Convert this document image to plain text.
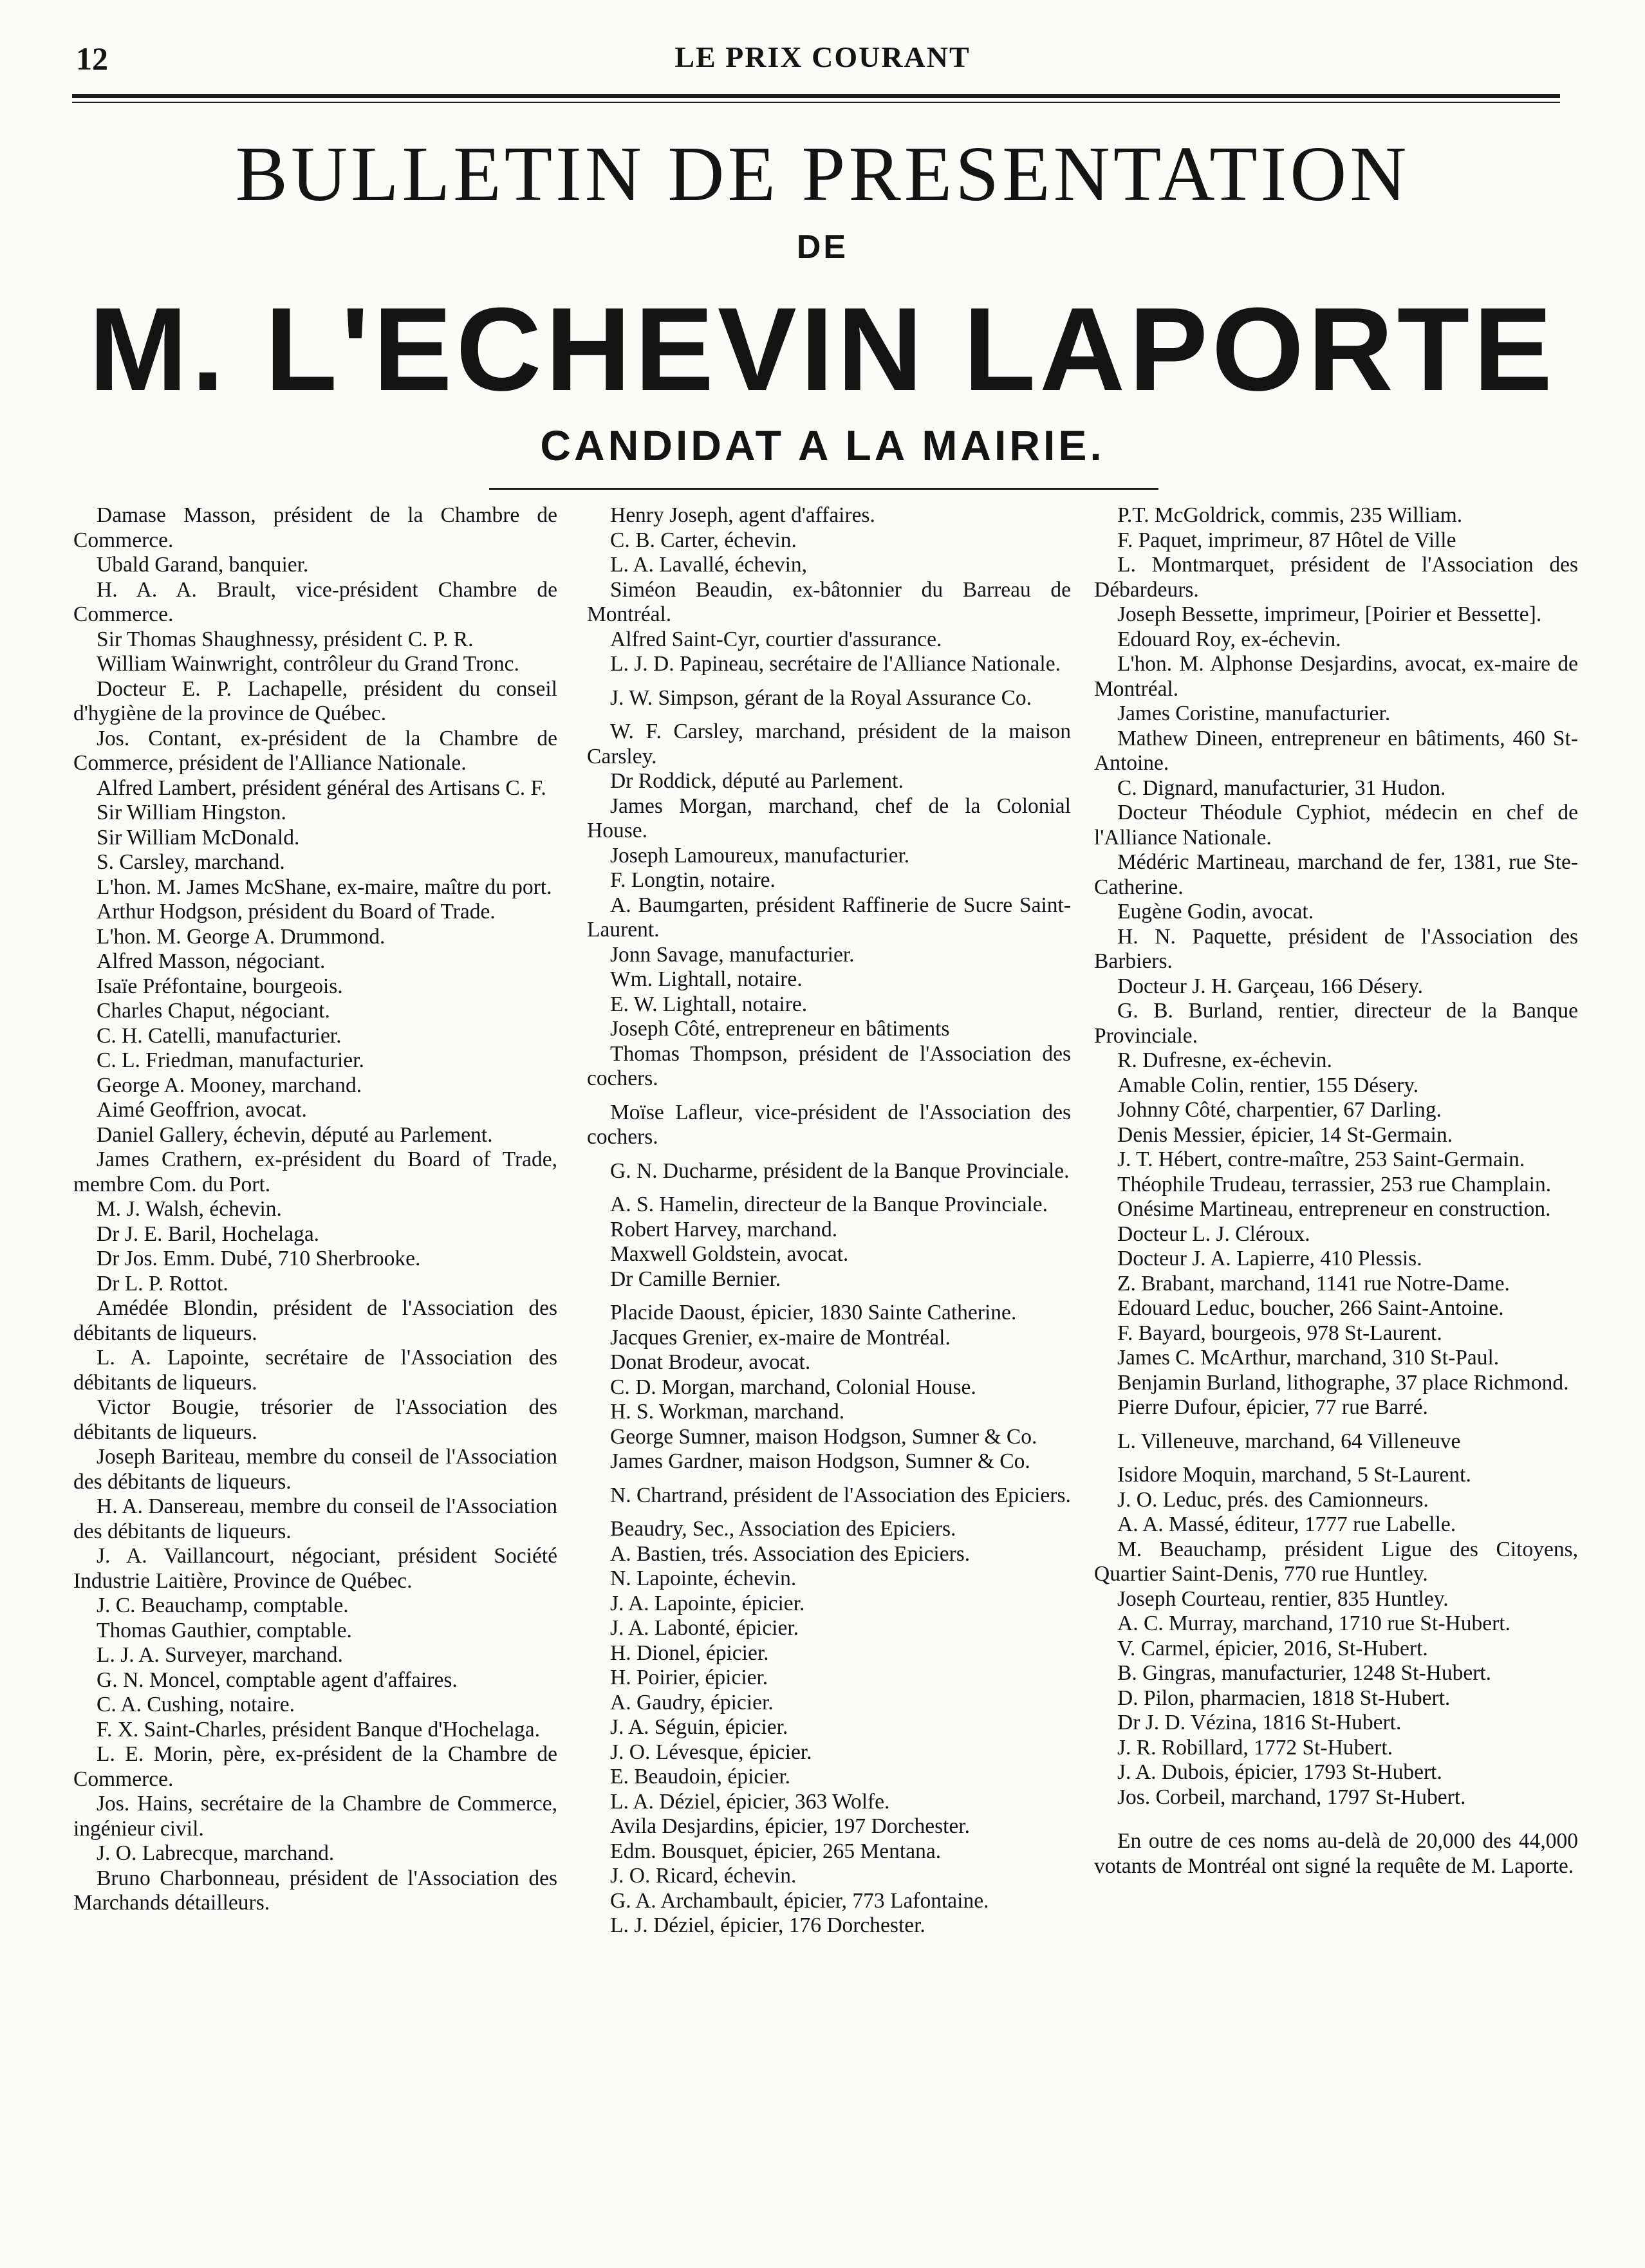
12	LE PRIX COURANT
BULLETIN DE PRESENTATION
DE
M. L'ECHEVIN LAPORTE
CANDIDAT A LA MAIRIE.
Damase Masson, président de la Chambre de Commerce.
Ubald Garand, banquier.
H. A. A. Brault, vice-président Chambre de Commerce.
Sir Thomas Shaughnessy, président C. P. R.
William Wainwright, contrôleur du Grand Tronc.
Docteur E. P. Lachapelle, président du conseil d'hygiène de la province de Québec.
Jos. Contant, ex-président de la Chambre de Commerce, président de l'Alliance Nationale.
Alfred Lambert, président général des Artisans C. F.
Sir William Hingston.
Sir William McDonald.
S. Carsley, marchand.
L'hon. M. James McShane, ex-maire, maître du port.
Arthur Hodgson, président du Board of Trade.
L'hon. M. George A. Drummond.
Alfred Masson, négociant.
Isaïe Préfontaine, bourgeois.
Charles Chaput, négociant.
C. H. Catelli, manufacturier.
C. L. Friedman, manufacturier.
George A. Mooney, marchand.
Aimé Geoffrion, avocat.
Daniel Gallery, échevin, député au Parlement.
James Crathern, ex-président du Board of Trade, membre Com. du Port.
M. J. Walsh, échevin.
Dr J. E. Baril, Hochelaga.
Dr Jos. Emm. Dubé, 710 Sherbrooke.
Dr L. P. Rottot.
Amédée Blondin, président de l'Association des débitants de liqueurs.
L. A. Lapointe, secrétaire de l'Association des débitants de liqueurs.
Victor Bougie, trésorier de l'Association des débitants de liqueurs.
Joseph Bariteau, membre du conseil de l'Association des débitants de liqueurs.
H. A. Dansereau, membre du conseil de l'Association des débitants de liqueurs.
J. A. Vaillancourt, négociant, président Société Industrie Laitière, Province de Québec.
J. C. Beauchamp, comptable.
Thomas Gauthier, comptable.
L. J. A. Surveyer, marchand.
G. N. Moncel, comptable agent d'affaires.
C. A. Cushing, notaire.
F. X. Saint-Charles, président Banque d'Hochelaga.
L. E. Morin, père, ex-président de la Chambre de Commerce.
Jos. Hains, secrétaire de la Chambre de Commerce, ingénieur civil.
J. O. Labrecque, marchand.
Bruno Charbonneau, président de l'Association des Marchands détailleurs.
Henry Joseph, agent d'affaires.
C. B. Carter, échevin.
L. A. Lavallé, échevin,
Siméon Beaudin, ex-bâtonnier du Barreau de Montréal.
Alfred Saint-Cyr, courtier d'assurance.
L. J. D. Papineau, secrétaire de l'Alliance Nationale.
J. W. Simpson, gérant de la Royal Assurance Co.
W. F. Carsley, marchand, président de la maison Carsley.
Dr Roddick, député au Parlement.
James Morgan, marchand, chef de la Colonial House.
Joseph Lamoureux, manufacturier.
F. Longtin, notaire.
A. Baumgarten, président Raffinerie de Sucre Saint-Laurent.
Jonn Savage, manufacturier.
Wm. Lightall, notaire.
E. W. Lightall, notaire.
Joseph Côté, entrepreneur en bâtiments
Thomas Thompson, président de l'Association des cochers.
Moïse Lafleur, vice-président de l'Association des cochers.
G. N. Ducharme, président de la Banque Provinciale.
A. S. Hamelin, directeur de la Banque Provinciale.
Robert Harvey, marchand.
Maxwell Goldstein, avocat.
Dr Camille Bernier.
Placide Daoust, épicier, 1830 Sainte Catherine.
Jacques Grenier, ex-maire de Montréal.
Donat Brodeur, avocat.
C. D. Morgan, marchand, Colonial House.
H. S. Workman, marchand.
George Sumner, maison Hodgson, Sumner & Co.
James Gardner, maison Hodgson, Sumner & Co.
N. Chartrand, président de l'Association des Epiciers.
Beaudry, Sec., Association des Epiciers.
A. Bastien, trés. Association des Epiciers.
N. Lapointe, échevin.
J. A. Lapointe, épicier.
J. A. Labonté, épicier.
H. Dionel, épicier.
H. Poirier, épicier.
A. Gaudry, épicier.
J. A. Séguin, épicier.
J. O. Lévesque, épicier.
E. Beaudoin, épicier.
L. A. Déziel, épicier, 363 Wolfe.
Avila Desjardins, épicier, 197 Dorchester.
Edm. Bousquet, épicier, 265 Mentana.
J. O. Ricard, échevin.
G. A. Archambault, épicier, 773 Lafontaine.
L. J. Déziel, épicier, 176 Dorchester.
P.T. McGoldrick, commis, 235 William.
F. Paquet, imprimeur, 87 Hôtel de Ville
L. Montmarquet, président de l'Association des Débardeurs.
Joseph Bessette, imprimeur, [Poirier et Bessette].
Edouard Roy, ex-échevin.
L'hon. M. Alphonse Desjardins, avocat, ex-maire de Montréal.
James Coristine, manufacturier.
Mathew Dineen, entrepreneur en bâtiments, 460 St-Antoine.
C. Dignard, manufacturier, 31 Hudon.
Docteur Théodule Cyphiot, médecin en chef de l'Alliance Nationale.
Médéric Martineau, marchand de fer, 1381, rue Ste-Catherine.
Eugène Godin, avocat.
H. N. Paquette, président de l'Association des Barbiers.
Docteur J. H. Garçeau, 166 Désery.
G. B. Burland, rentier, directeur de la Banque Provinciale.
R. Dufresne, ex-échevin.
Amable Colin, rentier, 155 Désery.
Johnny Côté, charpentier, 67 Darling.
Denis Messier, épicier, 14 St-Germain.
J. T. Hébert, contre-maître, 253 Saint-Germain.
Théophile Trudeau, terrassier, 253 rue Champlain.
Onésime Martineau, entrepreneur en construction.
Docteur L. J. Cléroux.
Docteur J. A. Lapierre, 410 Plessis.
Z. Brabant, marchand, 1141 rue Notre-Dame.
Edouard Leduc, boucher, 266 Saint-Antoine.
F. Bayard, bourgeois, 978 St-Laurent.
James C. McArthur, marchand, 310 St-Paul.
Benjamin Burland, lithographe, 37 place Richmond.
Pierre Dufour, épicier, 77 rue Barré.
L. Villeneuve, marchand, 64 Villeneuve
Isidore Moquin, marchand, 5 St-Laurent.
J. O. Leduc, prés. des Camionneurs.
A. A. Massé, éditeur, 1777 rue Labelle.
M. Beauchamp, président Ligue des Citoyens, Quartier Saint-Denis, 770 rue Huntley.
Joseph Courteau, rentier, 835 Huntley.
A. C. Murray, marchand, 1710 rue St-Hubert.
V. Carmel, épicier, 2016, St-Hubert.
B. Gingras, manufacturier, 1248 St-Hubert.
D. Pilon, pharmacien, 1818 St-Hubert.
Dr J. D. Vézina, 1816 St-Hubert.
J. R. Robillard, 1772 St-Hubert.
J. A. Dubois, épicier, 1793 St-Hubert.
Jos. Corbeil, marchand, 1797 St-Hubert.

En outre de ces noms au-delà de 20,000 des 44,000 votants de Montréal ont signé la requête de M. Laporte.
